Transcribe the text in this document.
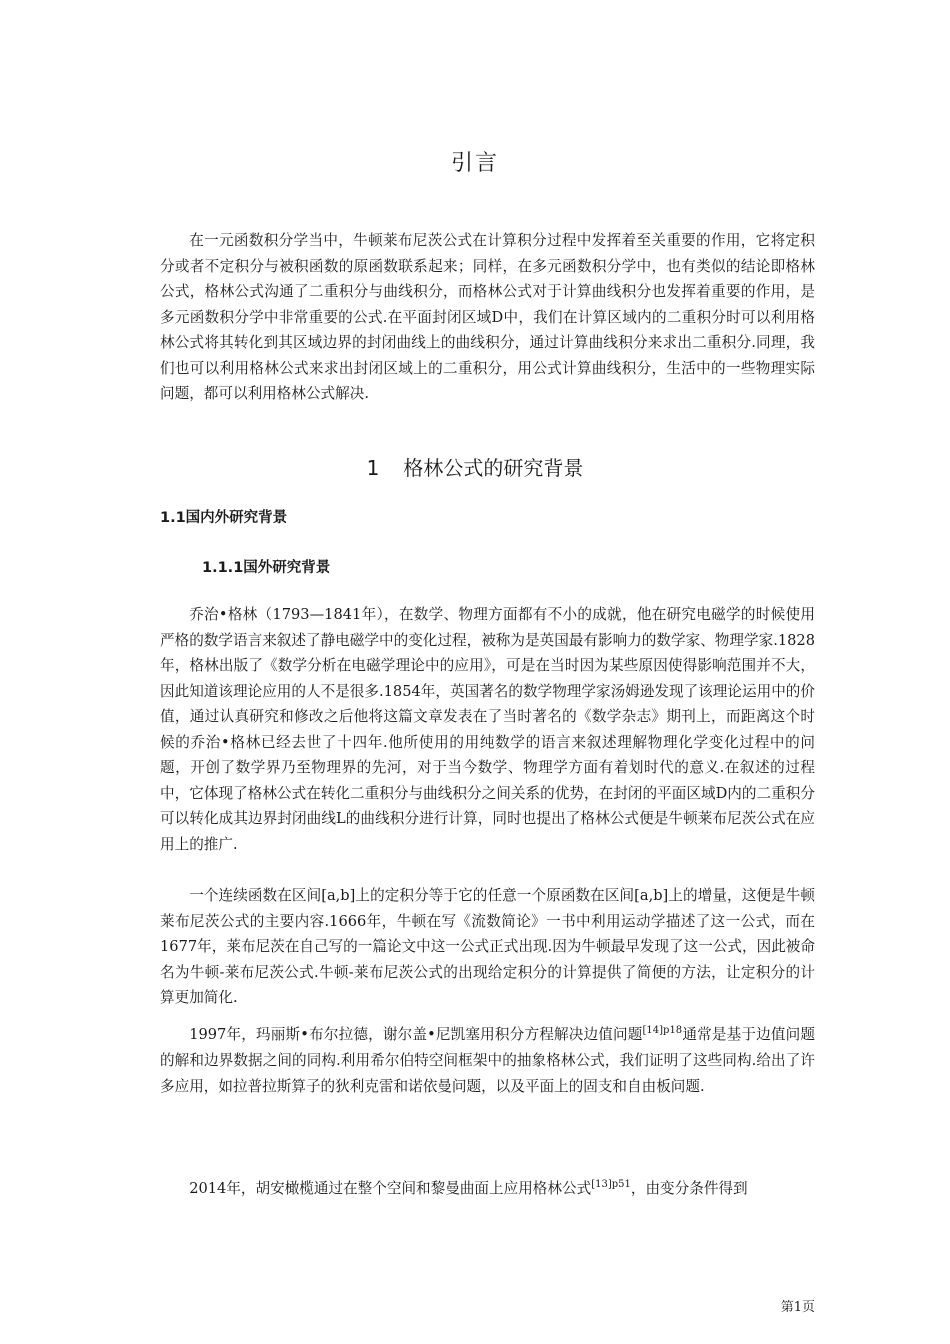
引言

在一元函数积分学当中，牛顿莱布尼茨公式在计算积分过程中发挥着至关重要的作用，它将定积分或者不定积分与被积函数的原函数联系起来；同样，在多元函数积分学中，也有类似的结论即格林公式，格林公式沟通了二重积分与曲线积分，而格林公式对于计算曲线积分也发挥着重要的作用，是多元函数积分学中非常重要的公式.在平面封闭区域D中，我们在计算区域内的二重积分时可以利用格林公式将其转化到其区域边界的封闭曲线上的曲线积分，通过计算曲线积分来求出二重积分.同理，我们也可以利用格林公式来求出封闭区域上的二重积分，用公式计算曲线积分，生活中的一些物理实际问题，都可以利用格林公式解决.

1 格林公式的研究背景
1.1国内外研究背景
1.1.1国外研究背景

乔治•格林（1793—1841年），在数学、物理方面都有不小的成就，他在研究电磁学的时候使用严格的数学语言来叙述了静电磁学中的变化过程，被称为是英国最有影响力的数学家、物理学家.1828年，格林出版了《数学分析在电磁学理论中的应用》，可是在当时因为某些原因使得影响范围并不大，因此知道该理论应用的人不是很多.1854年，英国著名的数学物理学家汤姆逊发现了该理论运用中的价值，通过认真研究和修改之后他将这篇文章发表在了当时著名的《数学杂志》期刊上，而距离这个时候的乔治•格林已经去世了十四年.他所使用的用纯数学的语言来叙述理解物理化学变化过程中的问题，开创了数学界乃至物理界的先河，对于当今数学、物理学方面有着划时代的意义.在叙述的过程中，它体现了格林公式在转化二重积分与曲线积分之间关系的优势，在封闭的平面区域D内的二重积分可以转化成其边界封闭曲线L的曲线积分进行计算，同时也提出了格林公式便是牛顿莱布尼茨公式在应用上的推广.

一个连续函数在区间[a,b]上的定积分等于它的任意一个原函数在区间[a,b]上的增量，这便是牛顿莱布尼茨公式的主要内容.1666年，牛顿在写《流数简论》一书中利用运动学描述了这一公式，而在1677年，莱布尼茨在自己写的一篇论文中这一公式正式出现.因为牛顿最早发现了这一公式，因此被命名为牛顿-莱布尼茨公式.牛顿-莱布尼茨公式的出现给定积分的计算提供了简便的方法，让定积分的计算更加简化.

1997年，玛丽斯•布尔拉德，谢尔盖•尼凯塞用积分方程解决边值问题$^{[14]p18}$通常是基于边值问题的解和边界数据之间的同构.利用希尔伯特空间框架中的抽象格林公式，我们证明了这些同构.给出了许多应用，如拉普拉斯算子的狄利克雷和诺依曼问题，以及平面上的固支和自由板问题.

2014年，胡安橄榄通过在整个空间和黎曼曲面上应用格林公式$^{[13]p51}$，由变分条件得到

第1页
